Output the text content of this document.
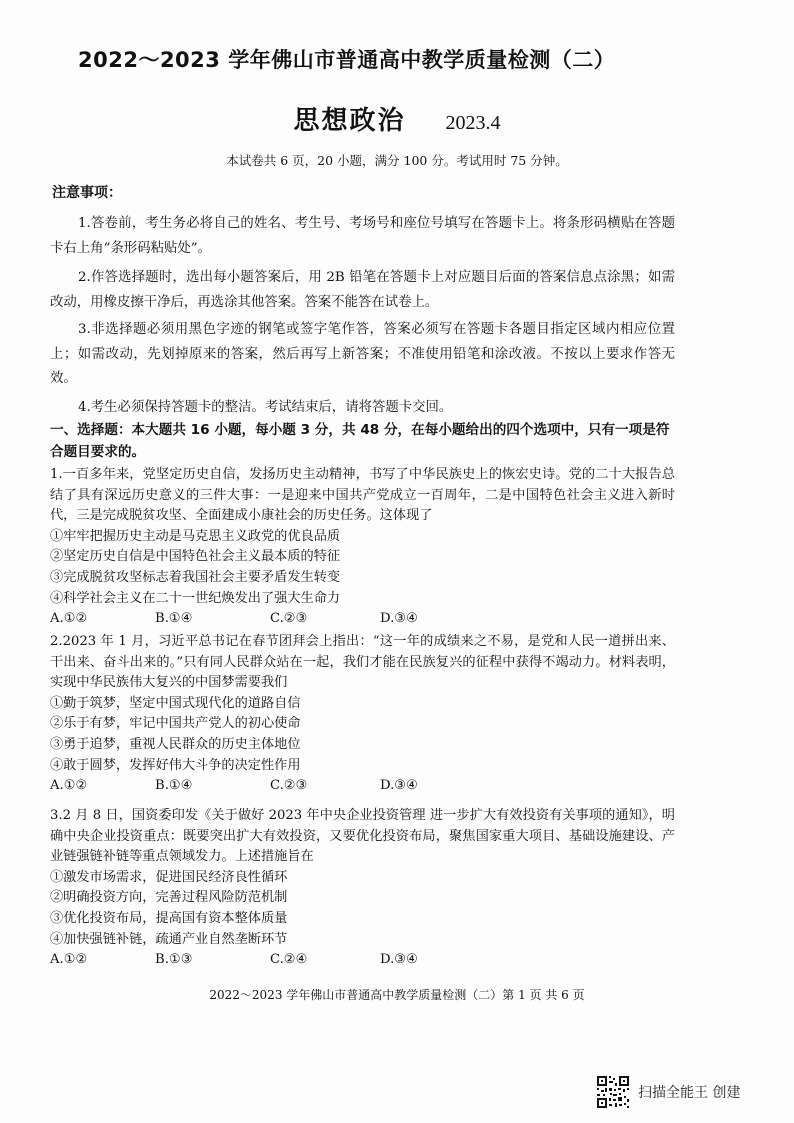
2022～2023 学年佛山市普通高中教学质量检测（二）
思想政治 2023.4
本试卷共 6 页，20 小题，满分 100 分。考试用时 75 分钟。
注意事项：
1.答卷前，考生务必将自己的姓名、考生号、考场号和座位号填写在答题卡上。将条形码横贴在答题卡右上角“条形码粘贴处”。
2.作答选择题时，选出每小题答案后，用 2B 铅笔在答题卡上对应题目后面的答案信息点涂黑；如需改动，用橡皮擦干净后，再选涂其他答案。答案不能答在试卷上。
3.非选择题必须用黑色字迹的钢笔或签字笔作答，答案必须写在答题卡各题目指定区域内相应位置上；如需改动，先划掉原来的答案，然后再写上新答案；不准使用铅笔和涂改液。不按以上要求作答无效。
4.考生必须保持答题卡的整洁。考试结束后，请将答题卡交回。
一、选择题：本大题共 16 小题，每小题 3 分，共 48 分，在每小题给出的四个选项中，只有一项是符合题目要求的。
1.一百多年来，党坚定历史自信，发扬历史主动精神，书写了中华民族史上的恢宏史诗。党的二十大报告总结了具有深远历史意义的三件大事：一是迎来中国共产党成立一百周年，二是中国特色社会主义进入新时代，三是完成脱贫攻坚、全面建成小康社会的历史任务。这体现了
①牢牢把握历史主动是马克思主义政党的优良品质
②坚定历史自信是中国特色社会主义最本质的特征
③完成脱贫攻坚标志着我国社会主要矛盾发生转变
④科学社会主义在二十一世纪焕发出了强大生命力
A.①②	B.①④	C.②③	D.③④
2.2023 年 1 月，习近平总书记在春节团拜会上指出：“这一年的成绩来之不易，是党和人民一道拼出来、干出来、奋斗出来的。”只有同人民群众站在一起，我们才能在民族复兴的征程中获得不竭动力。材料表明，实现中华民族伟大复兴的中国梦需要我们
①勤于筑梦，坚定中国式现代化的道路自信
②乐于有梦，牢记中国共产党人的初心使命
③勇于追梦，重视人民群众的历史主体地位
④敢于圆梦，发挥好伟大斗争的决定性作用
A.①②	B.①④	C.②③	D.③④
3.2 月 8 日，国资委印发《关于做好 2023 年中央企业投资管理 进一步扩大有效投资有关事项的通知》，明确中央企业投资重点：既要突出扩大有效投资，又要优化投资布局，聚焦国家重大项目、基础设施建设、产业链强链补链等重点领域发力。上述措施旨在
①激发市场需求，促进国民经济良性循环
②明确投资方向，完善过程风险防范机制
③优化投资布局，提高国有资本整体质量
④加快强链补链，疏通产业自然垄断环节
A.①②	B.①③	C.②④	D.③④
2022～2023 学年佛山市普通高中教学质量检测（二）第 1 页 共 6 页
扫描全能王 创建
